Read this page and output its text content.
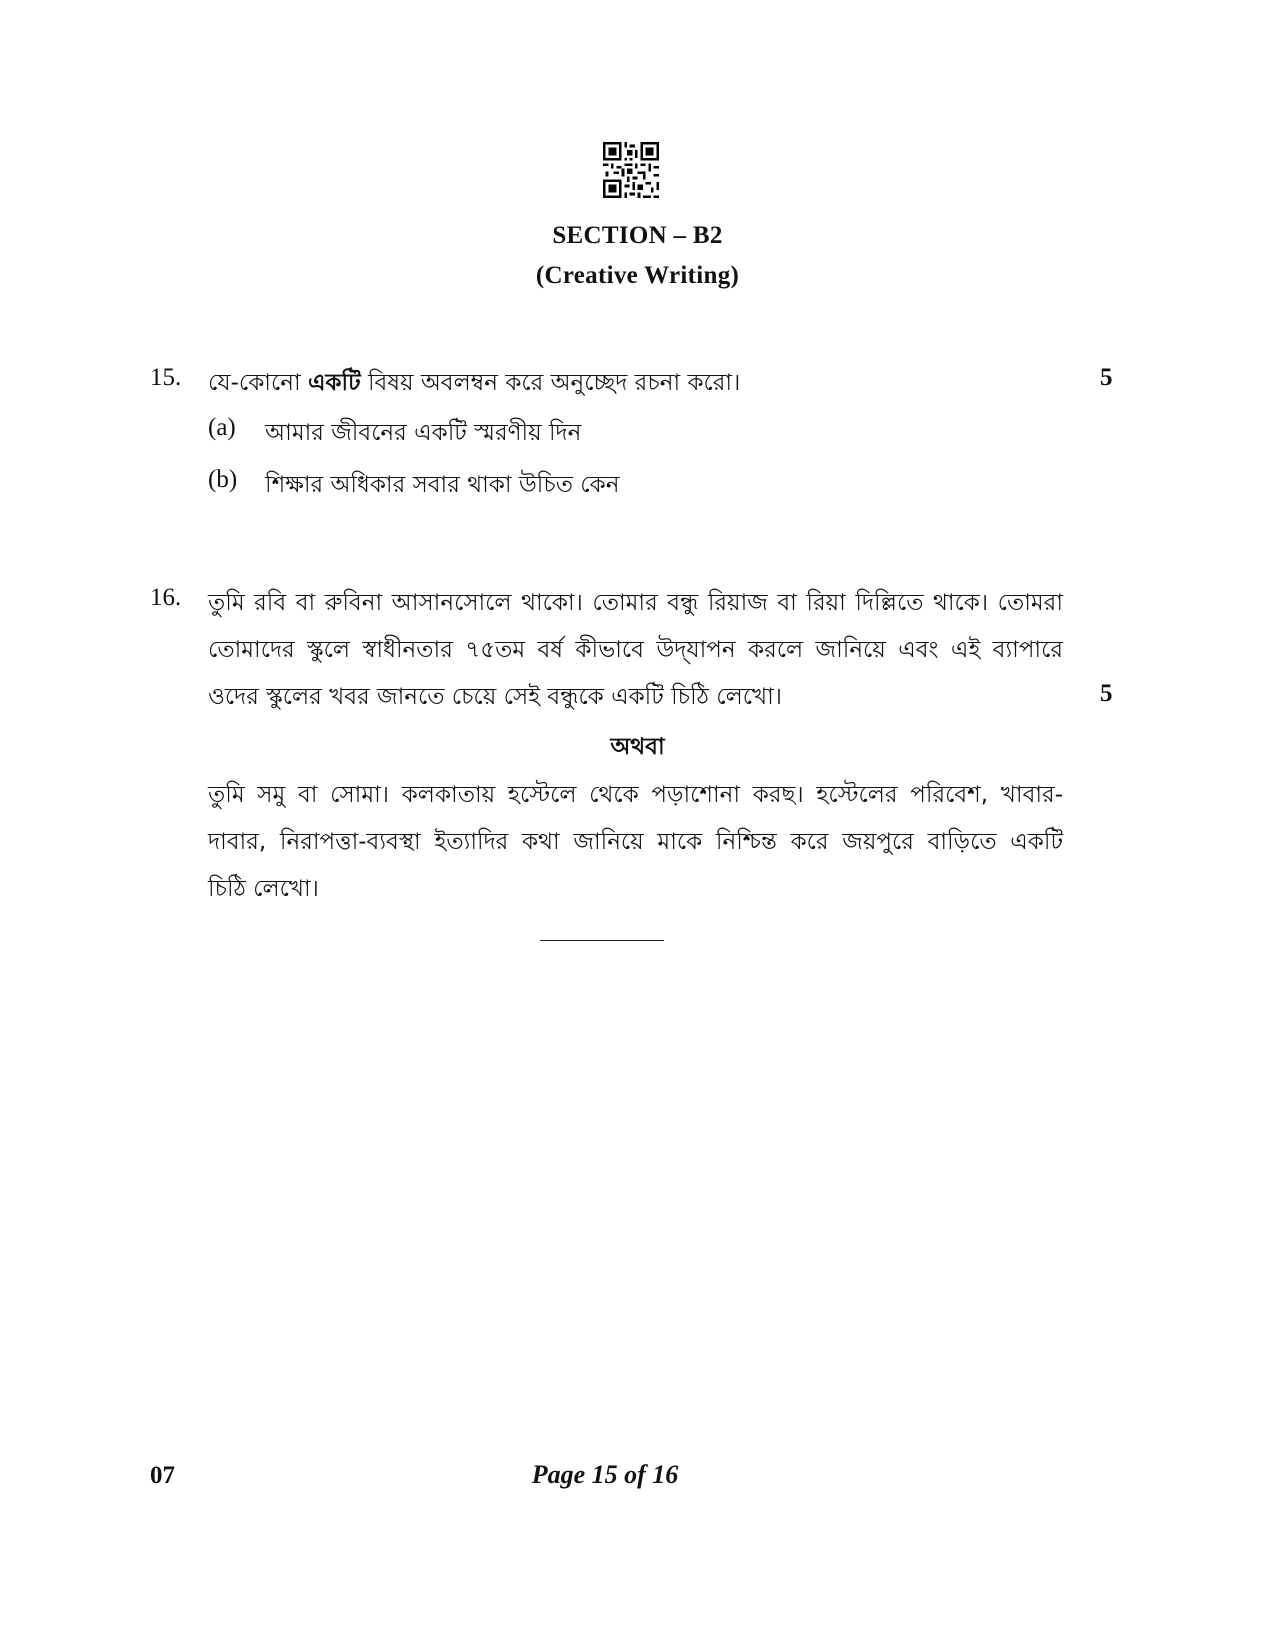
SECTION – B2
(Creative Writing)
15. যে-কোনো একটি বিষয় অবলম্বন করে অনুচ্ছেদ রচনা করো।	5
(a) আমার জীবনের একটি স্মরণীয় দিন
(b) শিক্ষার অধিকার সবার থাকা উচিত কেন
16. তুমি রবি বা রুবিনা আসানসোলে থাকো। তোমার বন্ধু রিয়াজ বা রিয়া দিল্লিতে থাকে। তোমরা
তোমাদের স্কুলে স্বাধীনতার ৭৫তম বর্ষ কীভাবে উদ্‌যাপন করলে জানিয়ে এবং এই ব্যাপারে
ওদের স্কুলের খবর জানতে চেয়ে সেই বন্ধুকে একটি চিঠি লেখো।	5
অথবা
তুমি সমু বা সোমা। কলকাতায় হস্টেলে থেকে পড়াশোনা করছ। হস্টেলের পরিবেশ, খাবার-
দাবার, নিরাপত্তা-ব্যবস্থা ইত্যাদির কথা জানিয়ে মাকে নিশ্চিন্ত করে জয়পুরে বাড়িতে একটি
চিঠি লেখো।
07	Page 15 of 16
